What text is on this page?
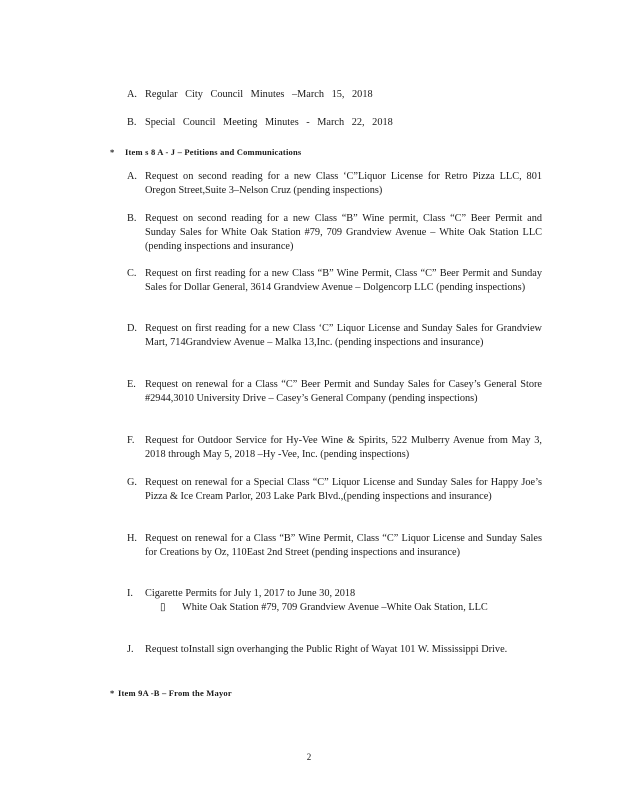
A. Regular City Council Minutes –March 15, 2018
B. Special Council Meeting Minutes - March 22, 2018
* Item s 8 A - J – Petitions and Communications
A. Request on second reading for a new Class ‘C”Liquor License for Retro Pizza LLC, 801 Oregon Street,Suite 3–Nelson Cruz (pending inspections)
B. Request on second reading for a new Class “B” Wine permit, Class “C” Beer Permit and Sunday Sales for White Oak Station #79, 709 Grandview Avenue – White Oak Station LLC (pending inspections and insurance)
C. Request on first reading for a new Class “B” Wine Permit, Class “C” Beer Permit and Sunday Sales for Dollar General, 3614 Grandview Avenue – Dolgencorp LLC (pending inspections)
D. Request on first reading for a new Class ‘C” Liquor License and Sunday Sales for Grandview Mart, 714Grandview Avenue – Malka 13,Inc. (pending inspections and insurance)
E. Request on renewal for a Class “C” Beer Permit and Sunday Sales for Casey’s General Store #2944,3010 University Drive – Casey’s General Company (pending inspections)
F.	Request for Outdoor Service for Hy-Vee Wine & Spirits, 522 Mulberry Avenue from May 3, 2018 through May 5, 2018 –Hy -Vee, Inc. (pending inspections)
G. Request on renewal for a Special Class “C” Liquor License and Sunday Sales for Happy Joe’s Pizza & Ice Cream Parlor, 203 Lake Park Blvd.,(pending inspections and insurance)
H. Request on renewal for a Class “B” Wine Permit, Class “C” Liquor License and Sunday Sales for Creations by Oz, 110East 2nd Street (pending inspections and insurance)
I.	Cigarette Permits for July 1, 2017 to June 30, 2018
▯ White Oak Station #79, 709 Grandview Avenue –White Oak Station, LLC
J.	Request toInstall sign overhanging the Public Right of Wayat 101 W. Mississippi Drive.
* Item 9A -B – From the Mayor
2
